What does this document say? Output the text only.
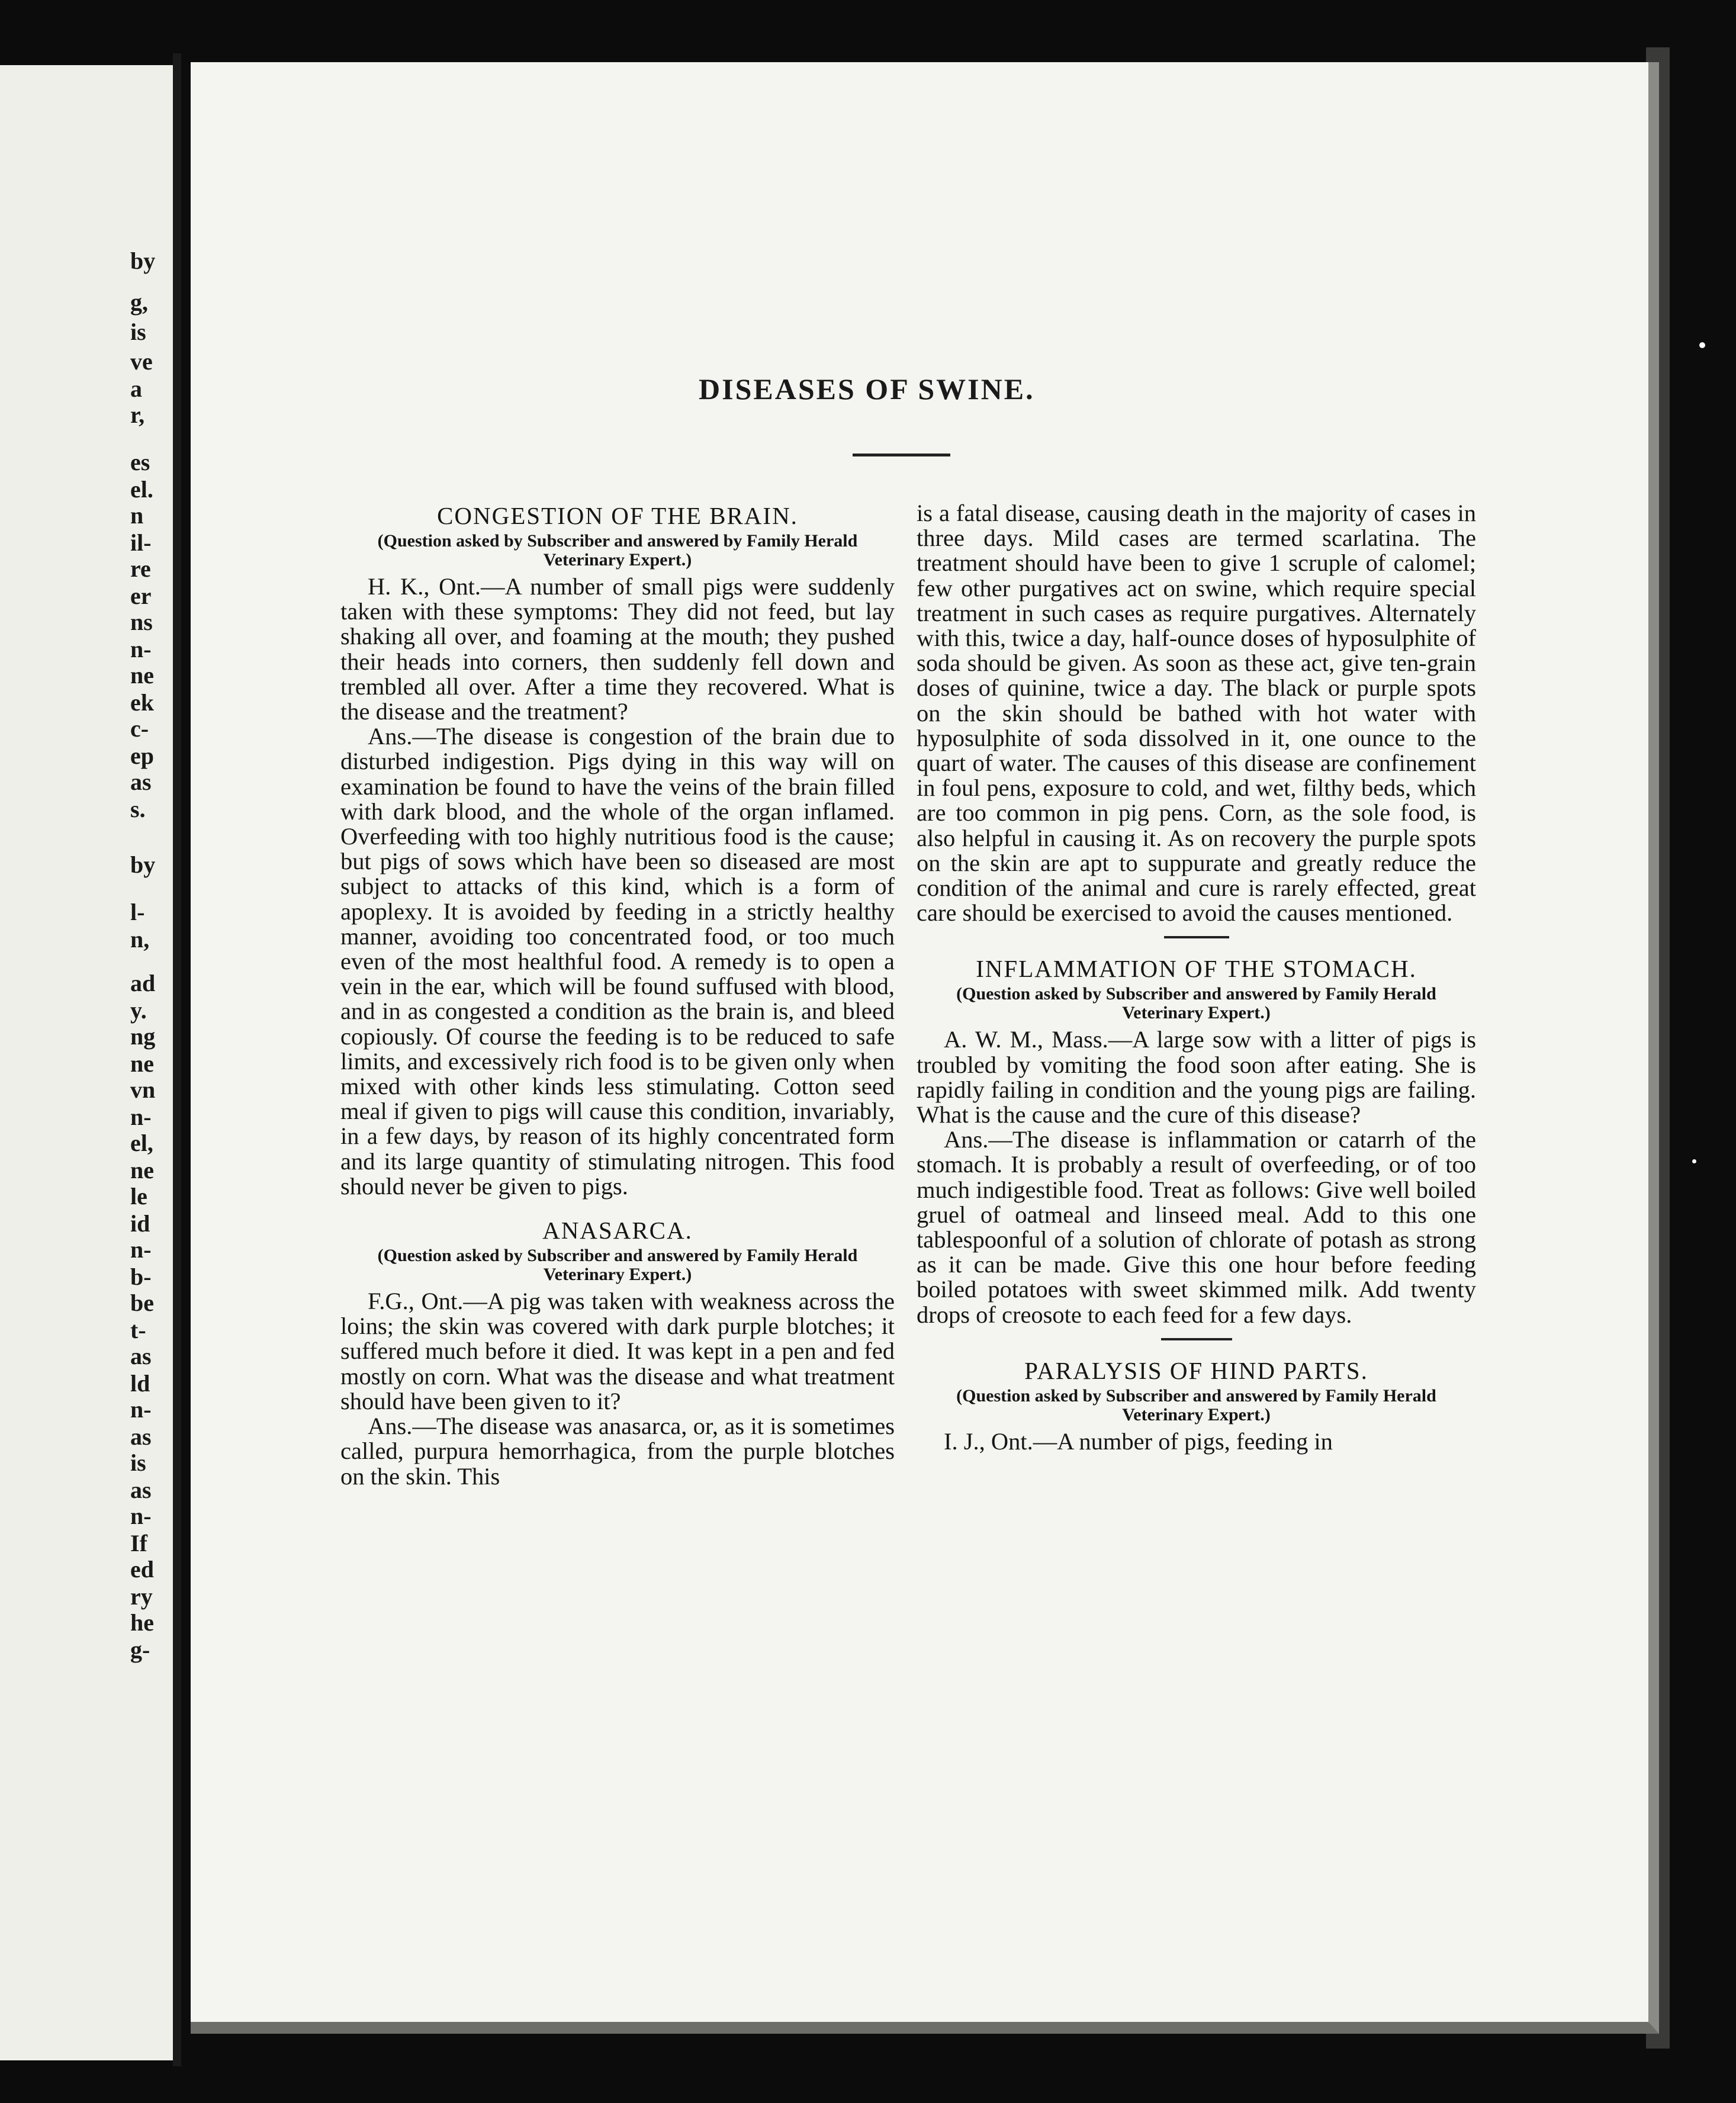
by
g,
is
ve
a
r,
es
el.
n
il-
re
er
ns
n-
ne
ek
c-
ep
as
s.
by
l-
n,
ad
y.
ng
ne
vn
n-
el,
ne
le
id
n-
b-
be
t-
as
ld
n-
as
is
as
n-
If
ed
ry
he
g-
DISEASES OF SWINE.
CONGESTION OF THE BRAIN.
(Question asked by Subscriber and answered by Family Herald Veterinary Expert.)

H. K., Ont.—A number of small pigs were suddenly taken with these symptoms: They did not feed, but lay shaking all over, and foaming at the mouth; they pushed their heads into corners, then suddenly fell down and trembled all over. After a time they recovered. What is the disease and the treatment?

Ans.—The disease is congestion of the brain due to disturbed indigestion. Pigs dying in this way will on examination be found to have the veins of the brain filled with dark blood, and the whole of the organ inflamed. Overfeeding with too highly nutritious food is the cause; but pigs of sows which have been so diseased are most subject to attacks of this kind, which is a form of apoplexy. It is avoided by feeding in a strictly healthy manner, avoiding too concentrated food, or too much even of the most healthful food. A remedy is to open a vein in the ear, which will be found suffused with blood, and in as congested a condition as the brain is, and bleed copiously. Of course the feeding is to be reduced to safe limits, and excessively rich food is to be given only when mixed with other kinds less stimulating. Cotton seed meal if given to pigs will cause this condition, invariably, in a few days, by reason of its highly concentrated form and its large quantity of stimulating nitrogen. This food should never be given to pigs.

ANASARCA.
(Question asked by Subscriber and answered by Family Herald Veterinary Expert.)

F.G., Ont.—A pig was taken with weakness across the loins; the skin was covered with dark purple blotches; it suffered much before it died. It was kept in a pen and fed mostly on corn. What was the disease and what treatment should have been given to it?

Ans.—The disease was anasarca, or, as it is sometimes called, purpura hemorrhagica, from the purple blotches on the skin. This

is a fatal disease, causing death in the majority of cases in three days. Mild cases are termed scarlatina. The treatment should have been to give 1 scruple of calomel; few other purgatives act on swine, which require special treatment in such cases as require purgatives. Alternately with this, twice a day, half-ounce doses of hyposulphite of soda should be given. As soon as these act, give ten-grain doses of quinine, twice a day. The black or purple spots on the skin should be bathed with hot water with hyposulphite of soda dissolved in it, one ounce to the quart of water. The causes of this disease are confinement in foul pens, exposure to cold, and wet, filthy beds, which are too common in pig pens. Corn, as the sole food, is also helpful in causing it. As on recovery the purple spots on the skin are apt to suppurate and greatly reduce the condition of the animal and cure is rarely effected, great care should be exercised to avoid the causes mentioned.

INFLAMMATION OF THE STOMACH.
(Question asked by Subscriber and answered by Family Herald Veterinary Expert.)

A. W. M., Mass.—A large sow with a litter of pigs is troubled by vomiting the food soon after eating. She is rapidly failing in condition and the young pigs are failing. What is the cause and the cure of this disease?

Ans.—The disease is inflammation or catarrh of the stomach. It is probably a result of overfeeding, or of too much indigestible food. Treat as follows: Give well boiled gruel of oatmeal and linseed meal. Add to this one tablespoonful of a solution of chlorate of potash as strong as it can be made. Give this one hour before feeding boiled potatoes with sweet skimmed milk. Add twenty drops of creosote to each feed for a few days.

PARALYSIS OF HIND PARTS.
(Question asked by Subscriber and answered by Family Herald Veterinary Expert.)

I. J., Ont.—A number of pigs, feeding in
